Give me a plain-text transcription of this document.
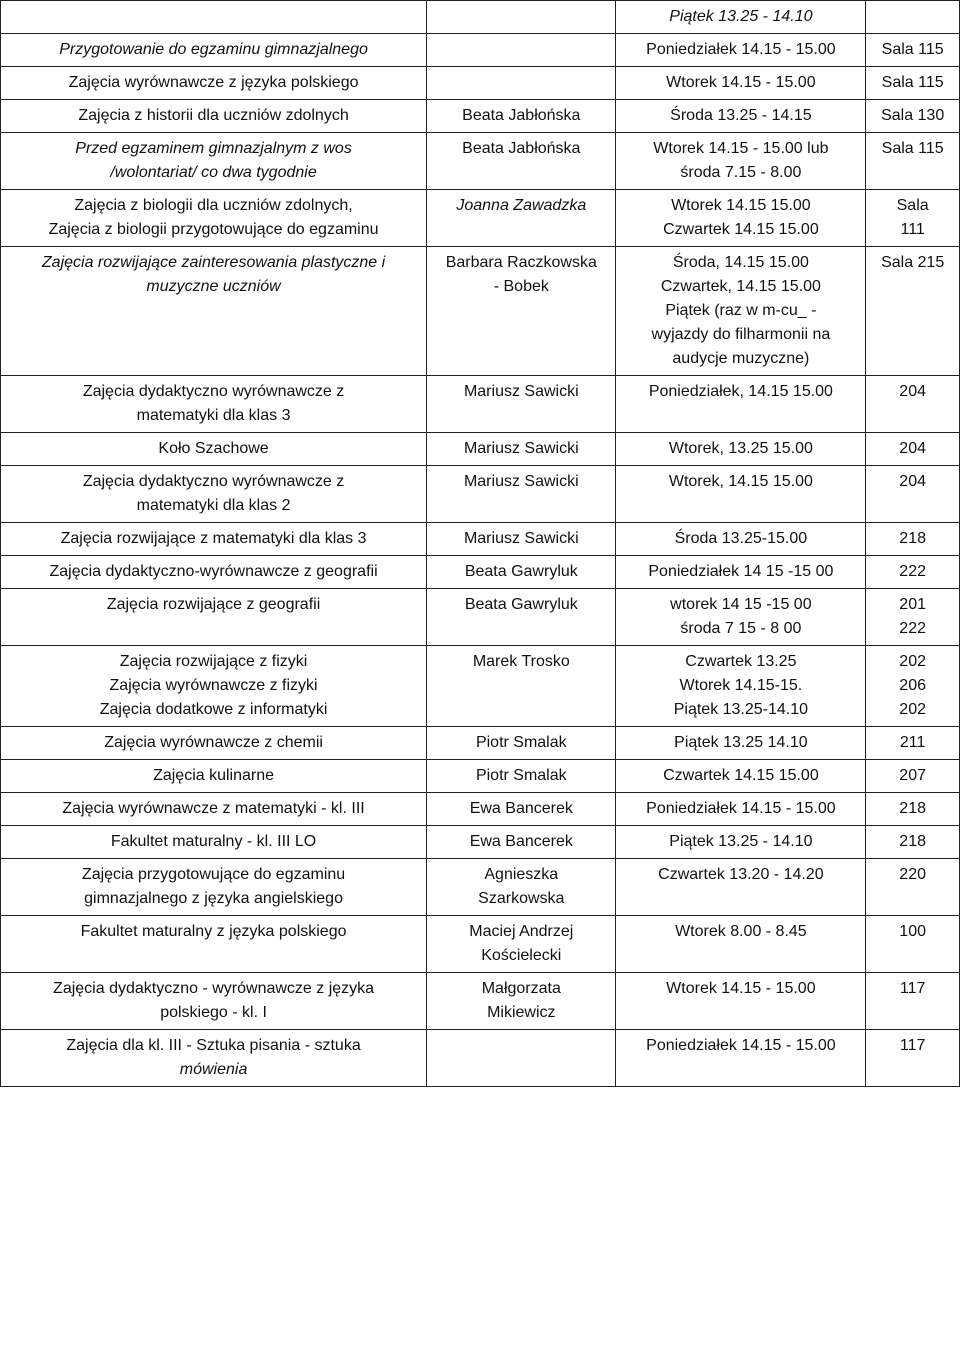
		Piątek 13.25 - 14.10	
Przygotowanie do egzaminu gimnazjalnego		Poniedziałek 14.15 - 15.00	Sala 115
Zajęcia wyrównawcze z języka polskiego		Wtorek 14.15 - 15.00	Sala 115
Zajęcia z historii dla uczniów zdolnych	Beata Jabłońska	Środa 13.25 - 14.15	Sala 130

Przed egzaminem gimnazjalnym z wos
/wolontariat/ co dwa tygodnie	Beata Jabłońska	Wtorek 14.15 - 15.00 lub
środa 7.15 - 8.00	Sala 115

Zajęcia z biologii dla uczniów zdolnych,
Zajęcia z biologii przygotowujące do egzaminu	Joanna Zawadzka	Wtorek 14.15 15.00
Czwartek 14.15 15.00	Sala
111

Zajęcia rozwijające zainteresowania plastyczne i
muzyczne uczniów	Barbara Raczkowska
- Bobek	Środa, 14.15 15.00
Czwartek, 14.15 15.00
Piątek (raz w m-cu_ -
wyjazdy do filharmonii na
audycje muzyczne)	Sala 215

Zajęcia dydaktyczno wyrównawcze z
matematyki dla klas 3	Mariusz Sawicki	Poniedziałek, 14.15 15.00	204

Koło Szachowe	Mariusz Sawicki	Wtorek, 13.25 15.00	204

Zajęcia dydaktyczno wyrównawcze z
matematyki dla klas 2	Mariusz Sawicki	Wtorek, 14.15 15.00	204

Zajęcia rozwijające z matematyki dla klas 3	Mariusz Sawicki	Środa 13.25-15.00	218
Zajęcia dydaktyczno-wyrównawcze z geografii	Beata Gawryluk	Poniedziałek 14 15 -15 00	222

Zajęcia rozwijające z geografii	Beata Gawryluk	wtorek 14 15 -15 00
środa 7 15 - 8 00	201
222

Zajęcia rozwijające z fizyki
Zajęcia wyrównawcze z fizyki
Zajęcia dodatkowe z informatyki	Marek Trosko	Czwartek 13.25
Wtorek 14.15-15.
Piątek 13.25-14.10	202
206
202

Zajęcia wyrównawcze z chemii	Piotr Smalak	Piątek 13.25 14.10	211
Zajęcia kulinarne	Piotr Smalak	Czwartek 14.15 15.00	207
Zajęcia wyrównawcze z matematyki - kl. III	Ewa Bancerek	Poniedziałek 14.15 - 15.00	218
Fakultet maturalny - kl. III LO	Ewa Bancerek	Piątek 13.25 - 14.10	218

Zajęcia przygotowujące do egzaminu
gimnazjalnego z języka angielskiego	Agnieszka
Szarkowska	Czwartek 13.20 - 14.20	220

Fakultet maturalny z języka polskiego	Maciej Andrzej
Kościelecki	Wtorek 8.00 - 8.45	100

Zajęcia dydaktyczno - wyrównawcze z języka
polskiego - kl. I	Małgorzata
Mikiewicz	Wtorek 14.15 - 15.00	117

Zajęcia dla kl. III - Sztuka pisania - sztuka
mówienia		Poniedziałek 14.15 - 15.00	117
